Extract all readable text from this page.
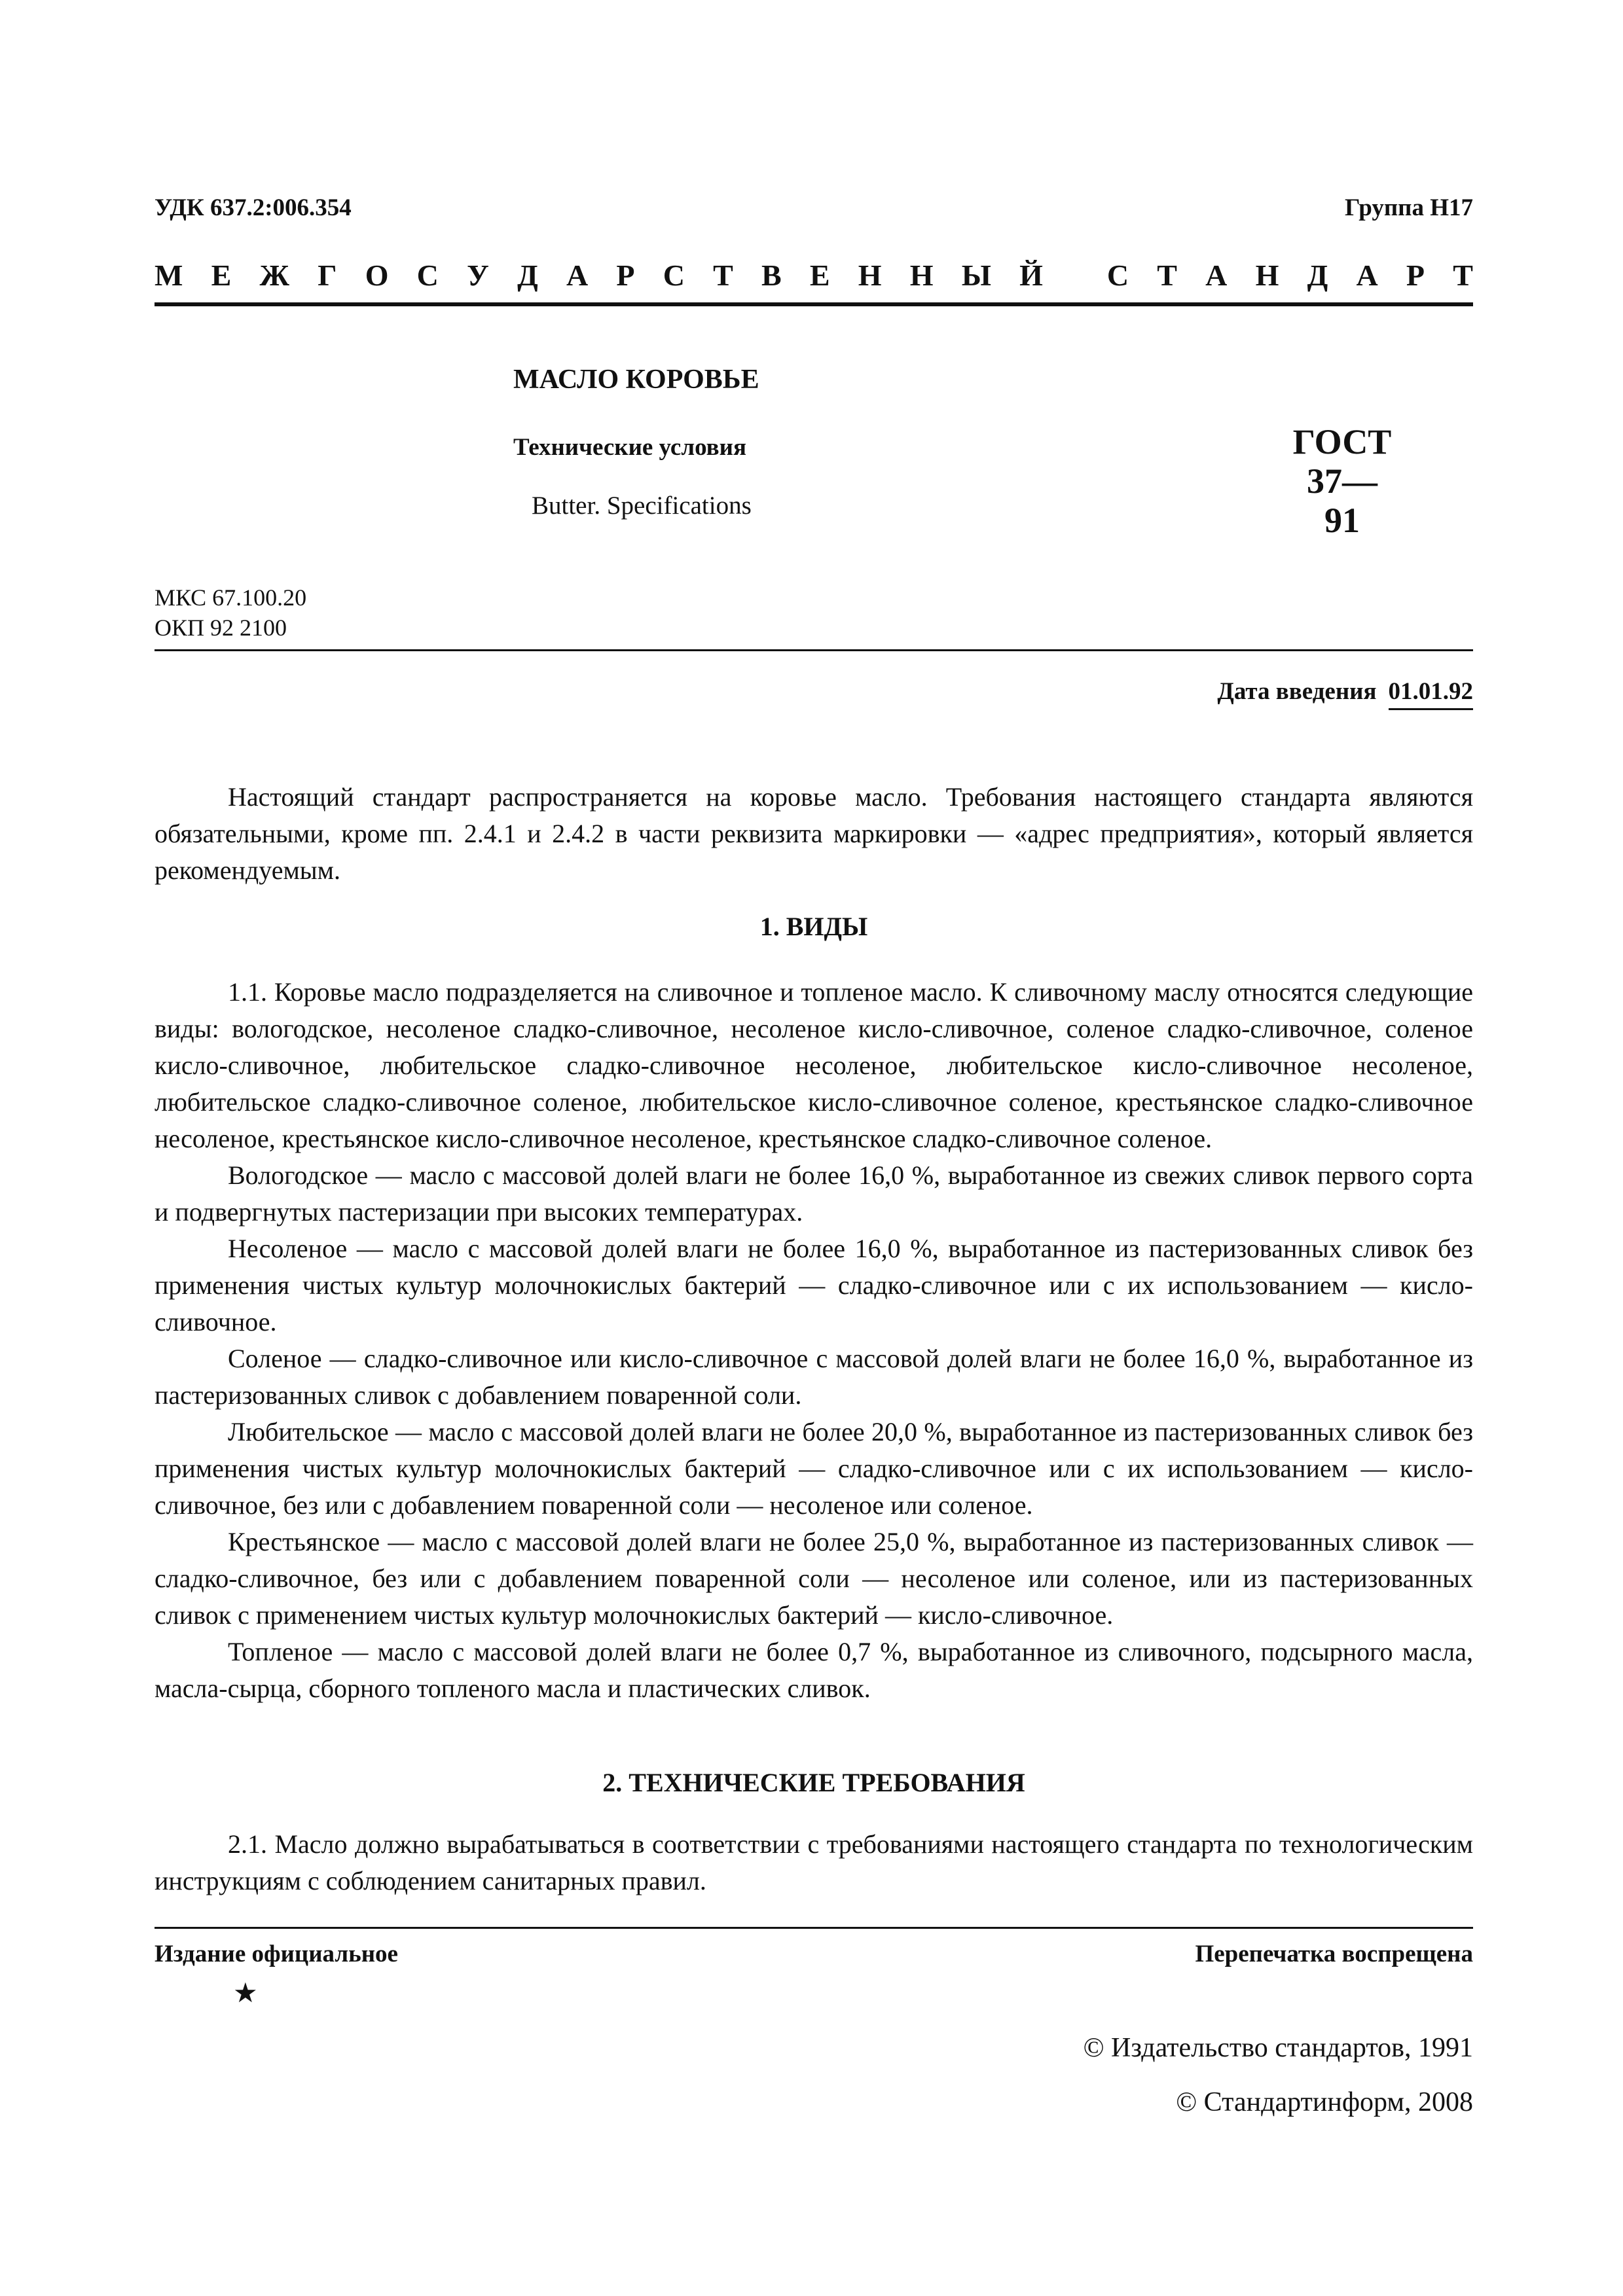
УДК 637.2:006.354	Группа Н17
М Е Ж Г О С У Д А Р С Т В Е Н Н Ы Й
С Т А Н Д А Р Т
МАСЛО КОРОВЬЕ
Технические условия
Butter. Specifications
ГОСТ
37—91
МКС 67.100.20
ОКП 92 2100
Дата введения 01.01.92

Настоящий стандарт распространяется на коровье масло. Требования настоящего стандарта являются обязательными, кроме пп. 2.4.1 и 2.4.2 в части реквизита маркировки — «адрес предприятия», который является рекомендуемым.

1. ВИДЫ

1.1. Коровье масло подразделяется на сливочное и топленое масло. К сливочному маслу относятся следующие виды: вологодское, несоленое сладко-сливочное, несоленое кисло-сливочное, соленое сладко-сливочное, соленое кисло-сливочное, любительское сладко-сливочное несоленое, любительское кисло-сливочное несоленое, любительское сладко-сливочное соленое, любительское кисло-сливочное соленое, крестьянское сладко-сливочное несоленое, крестьянское кисло-сливочное несоленое, крестьянское сладко-сливочное соленое.

Вологодское — масло с массовой долей влаги не более 16,0 %, выработанное из свежих сливок первого сорта и подвергнутых пастеризации при высоких температурах.

Несоленое — масло с массовой долей влаги не более 16,0 %, выработанное из пастеризованных сливок без применения чистых культур молочнокислых бактерий — сладко-сливочное или с их использованием — кисло-сливочное.

Соленое — сладко-сливочное или кисло-сливочное с массовой долей влаги не более 16,0 %, выработанное из пастеризованных сливок с добавлением поваренной соли.

Любительское — масло с массовой долей влаги не более 20,0 %, выработанное из пастеризованных сливок без применения чистых культур молочнокислых бактерий — сладко-сливочное или с их использованием — кисло-сливочное, без или с добавлением поваренной соли — несоленое или соленое.

Крестьянское — масло с массовой долей влаги не более 25,0 %, выработанное из пастеризованных сливок — сладко-сливочное, без или с добавлением поваренной соли — несоленое или соленое, или из пастеризованных сливок с применением чистых культур молочнокислых бактерий — кисло-сливочное.

Топленое — масло с массовой долей влаги не более 0,7 %, выработанное из сливочного, подсырного масла, масла-сырца, сборного топленого масла и пластических сливок.

2. ТЕХНИЧЕСКИЕ ТРЕБОВАНИЯ

2.1. Масло должно вырабатываться в соответствии с требованиями настоящего стандарта по технологическим инструкциям с соблюдением санитарных правил.

Издание официальное
★
Перепечатка воспрещена
© Издательство стандартов, 1991
© Стандартинформ, 2008
